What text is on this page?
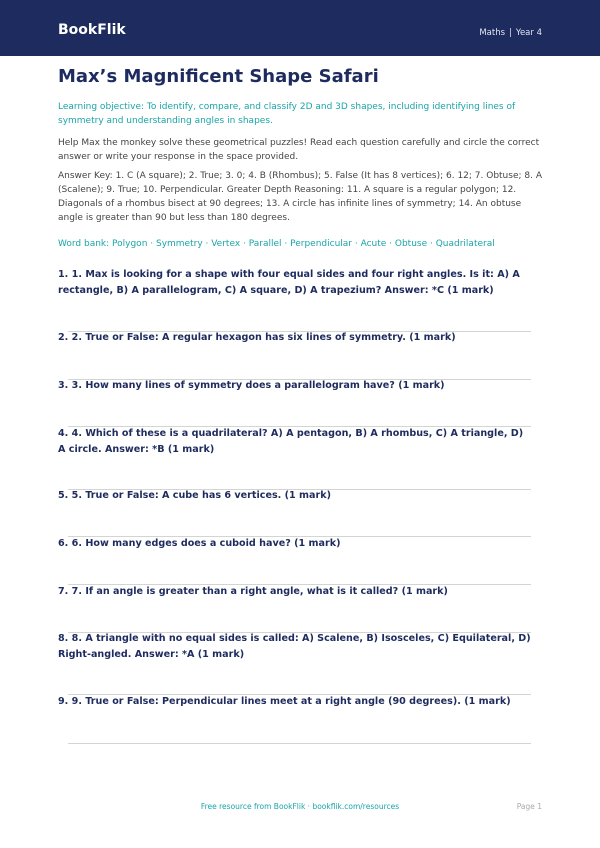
BookFlik	Maths | Year 4
Max’s Magnificent Shape Safari

Learning objective: To identify, compare, and classify 2D and 3D shapes, including identifying lines of symmetry and understanding angles in shapes.

Help Max the monkey solve these geometrical puzzles! Read each question carefully and circle the correct answer or write your response in the space provided.

Answer Key: 1. C (A square); 2. True; 3. 0; 4. B (Rhombus); 5. False (It has 8 vertices); 6. 12; 7. Obtuse; 8. A (Scalene); 9. True; 10. Perpendicular. Greater Depth Reasoning: 11. A square is a regular polygon; 12. Diagonals of a rhombus bisect at 90 degrees; 13. A circle has infinite lines of symmetry; 14. An obtuse angle is greater than 90 but less than 180 degrees.

Word bank: Polygon · Symmetry · Vertex · Parallel · Perpendicular · Acute · Obtuse · Quadrilateral

1. 1. Max is looking for a shape with four equal sides and four right angles. Is it: A) A rectangle, B) A parallelogram, C) A square, D) A trapezium? Answer: *C (1 mark)

2. 2. True or False: A regular hexagon has six lines of symmetry. (1 mark)

3. 3. How many lines of symmetry does a parallelogram have? (1 mark)

4. 4. Which of these is a quadrilateral? A) A pentagon, B) A rhombus, C) A triangle, D) A circle. Answer: *B (1 mark)

5. 5. True or False: A cube has 6 vertices. (1 mark)

6. 6. How many edges does a cuboid have? (1 mark)

7. 7. If an angle is greater than a right angle, what is it called? (1 mark)

8. 8. A triangle with no equal sides is called: A) Scalene, B) Isosceles, C) Equilateral, D) Right-angled. Answer: *A (1 mark)

9. 9. True or False: Perpendicular lines meet at a right angle (90 degrees). (1 mark)

Free resource from BookFlik · bookflik.com/resources	Page 1
